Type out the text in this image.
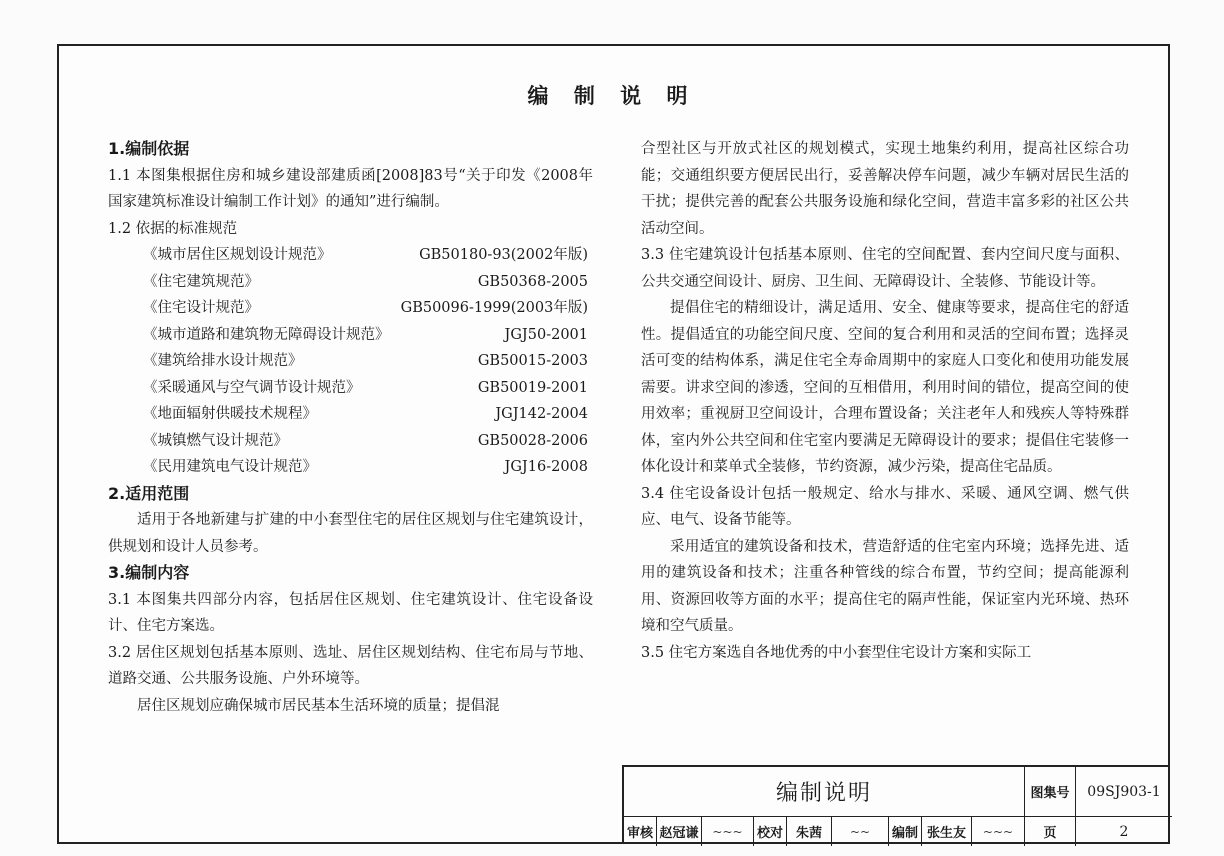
编 制 说 明
1.编制依据
1.1 本图集根据住房和城乡建设部建质函[2008]83号“关于印发《2008年国家建筑标准设计编制工作计划》的通知”进行编制。
1.2 依据的标准规范
《城市居住区规划设计规范》	GB50180-93(2002年版)
《住宅建筑规范》	GB50368-2005
《住宅设计规范》	GB50096-1999(2003年版)
《城市道路和建筑物无障碍设计规范》	JGJ50-2001
《建筑给排水设计规范》	GB50015-2003
《采暖通风与空气调节设计规范》	GB50019-2001
《地面辐射供暖技术规程》	JGJ142-2004
《城镇燃气设计规范》	GB50028-2006
《民用建筑电气设计规范》	JGJ16-2008
2.适用范围
适用于各地新建与扩建的中小套型住宅的居住区规划与住宅建筑设计，供规划和设计人员参考。
3.编制内容
3.1 本图集共四部分内容，包括居住区规划、住宅建筑设计、住宅设备设计、住宅方案选。
3.2 居住区规划包括基本原则、选址、居住区规划结构、住宅布局与节地、道路交通、公共服务设施、户外环境等。
居住区规划应确保城市居民基本生活环境的质量；提倡混
合型社区与开放式社区的规划模式，实现土地集约利用，提高社区综合功能；交通组织要方便居民出行，妥善解决停车问题，减少车辆对居民生活的干扰；提供完善的配套公共服务设施和绿化空间，营造丰富多彩的社区公共活动空间。
3.3 住宅建筑设计包括基本原则、住宅的空间配置、套内空间尺度与面积、公共交通空间设计、厨房、卫生间、无障碍设计、全装修、节能设计等。
提倡住宅的精细设计，满足适用、安全、健康等要求，提高住宅的舒适性。提倡适宜的功能空间尺度、空间的复合利用和灵活的空间布置；选择灵活可变的结构体系，满足住宅全寿命周期中的家庭人口变化和使用功能发展需要。讲求空间的渗透，空间的互相借用，利用时间的错位，提高空间的使用效率；重视厨卫空间设计，合理布置设备；关注老年人和残疾人等特殊群体，室内外公共空间和住宅室内要满足无障碍设计的要求；提倡住宅装修一体化设计和菜单式全装修，节约资源，减少污染，提高住宅品质。
3.4 住宅设备设计包括一般规定、给水与排水、采暖、通风空调、燃气供应、电气、设备节能等。
采用适宜的建筑设备和技术，营造舒适的住宅室内环境；选择先进、适用的建筑设备和技术；注重各种管线的综合布置，节约空间；提高能源利用、资源回收等方面的水平；提高住宅的隔声性能，保证室内光环境、热环境和空气质量。
3.5 住宅方案选自各地优秀的中小套型住宅设计方案和实际工
编制说明	图集号	09SJ903-1
审核 赵冠谦	~~~	校对 朱茜	~~	编制 张生友	~~~	页	2
